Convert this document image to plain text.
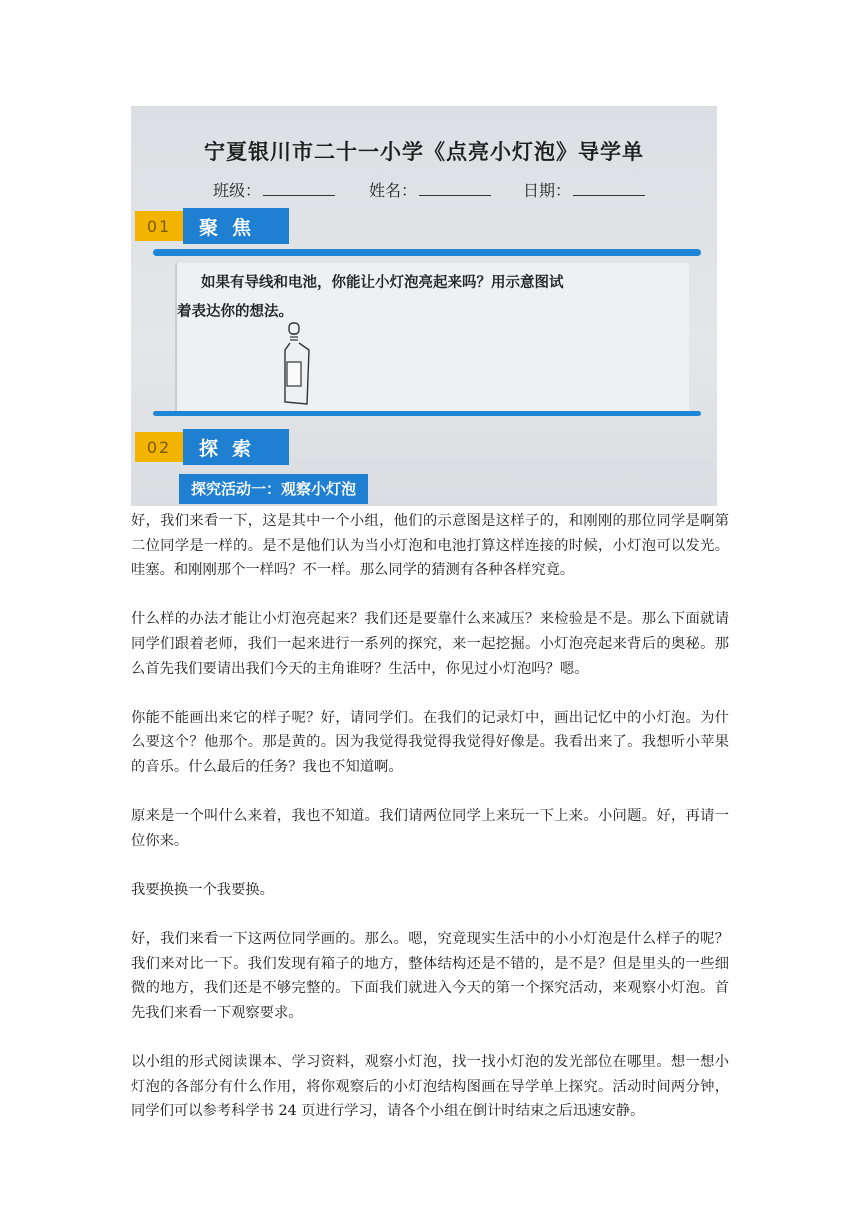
宁夏银川市二十一小学《点亮小灯泡》导学单
班级：	姓名：	日期：
01	聚焦
如果有导线和电池，你能让小灯泡亮起来吗？用示意图试
着表达你的想法。
02	探索
探究活动一：观察小灯泡

好，我们来看一下，这是其中一个小组，他们的示意图是这样子的，和刚刚的那位同学是啊第二位同学是一样的。是不是他们认为当小灯泡和电池打算这样连接的时候，小灯泡可以发光。哇塞。和刚刚那个一样吗？不一样。那么同学的猜测有各种各样究竟。

什么样的办法才能让小灯泡亮起来？我们还是要靠什么来减压？来检验是不是。那么下面就请同学们跟着老师，我们一起来进行一系列的探究，来一起挖掘。小灯泡亮起来背后的奥秘。那么首先我们要请出我们今天的主角谁呀？生活中，你见过小灯泡吗？嗯。

你能不能画出来它的样子呢？好，请同学们。在我们的记录灯中，画出记忆中的小灯泡。为什么要这个？他那个。那是黄的。因为我觉得我觉得我觉得好像是。我看出来了。我想听小苹果的音乐。什么最后的任务？我也不知道啊。

原来是一个叫什么来着，我也不知道。我们请两位同学上来玩一下上来。小问题。好，再请一位你来。

我要换换一个我要换。

好，我们来看一下这两位同学画的。那么。嗯，究竟现实生活中的小小灯泡是什么样子的呢？我们来对比一下。我们发现有箱子的地方，整体结构还是不错的，是不是？但是里头的一些细微的地方，我们还是不够完整的。下面我们就进入今天的第一个探究活动，来观察小灯泡。首先我们来看一下观察要求。

以小组的形式阅读课本、学习资料，观察小灯泡，找一找小灯泡的发光部位在哪里。想一想小灯泡的各部分有什么作用，将你观察后的小灯泡结构图画在导学单上探究。活动时间两分钟，同学们可以参考科学书 24 页进行学习，请各个小组在倒计时结束之后迅速安静。
